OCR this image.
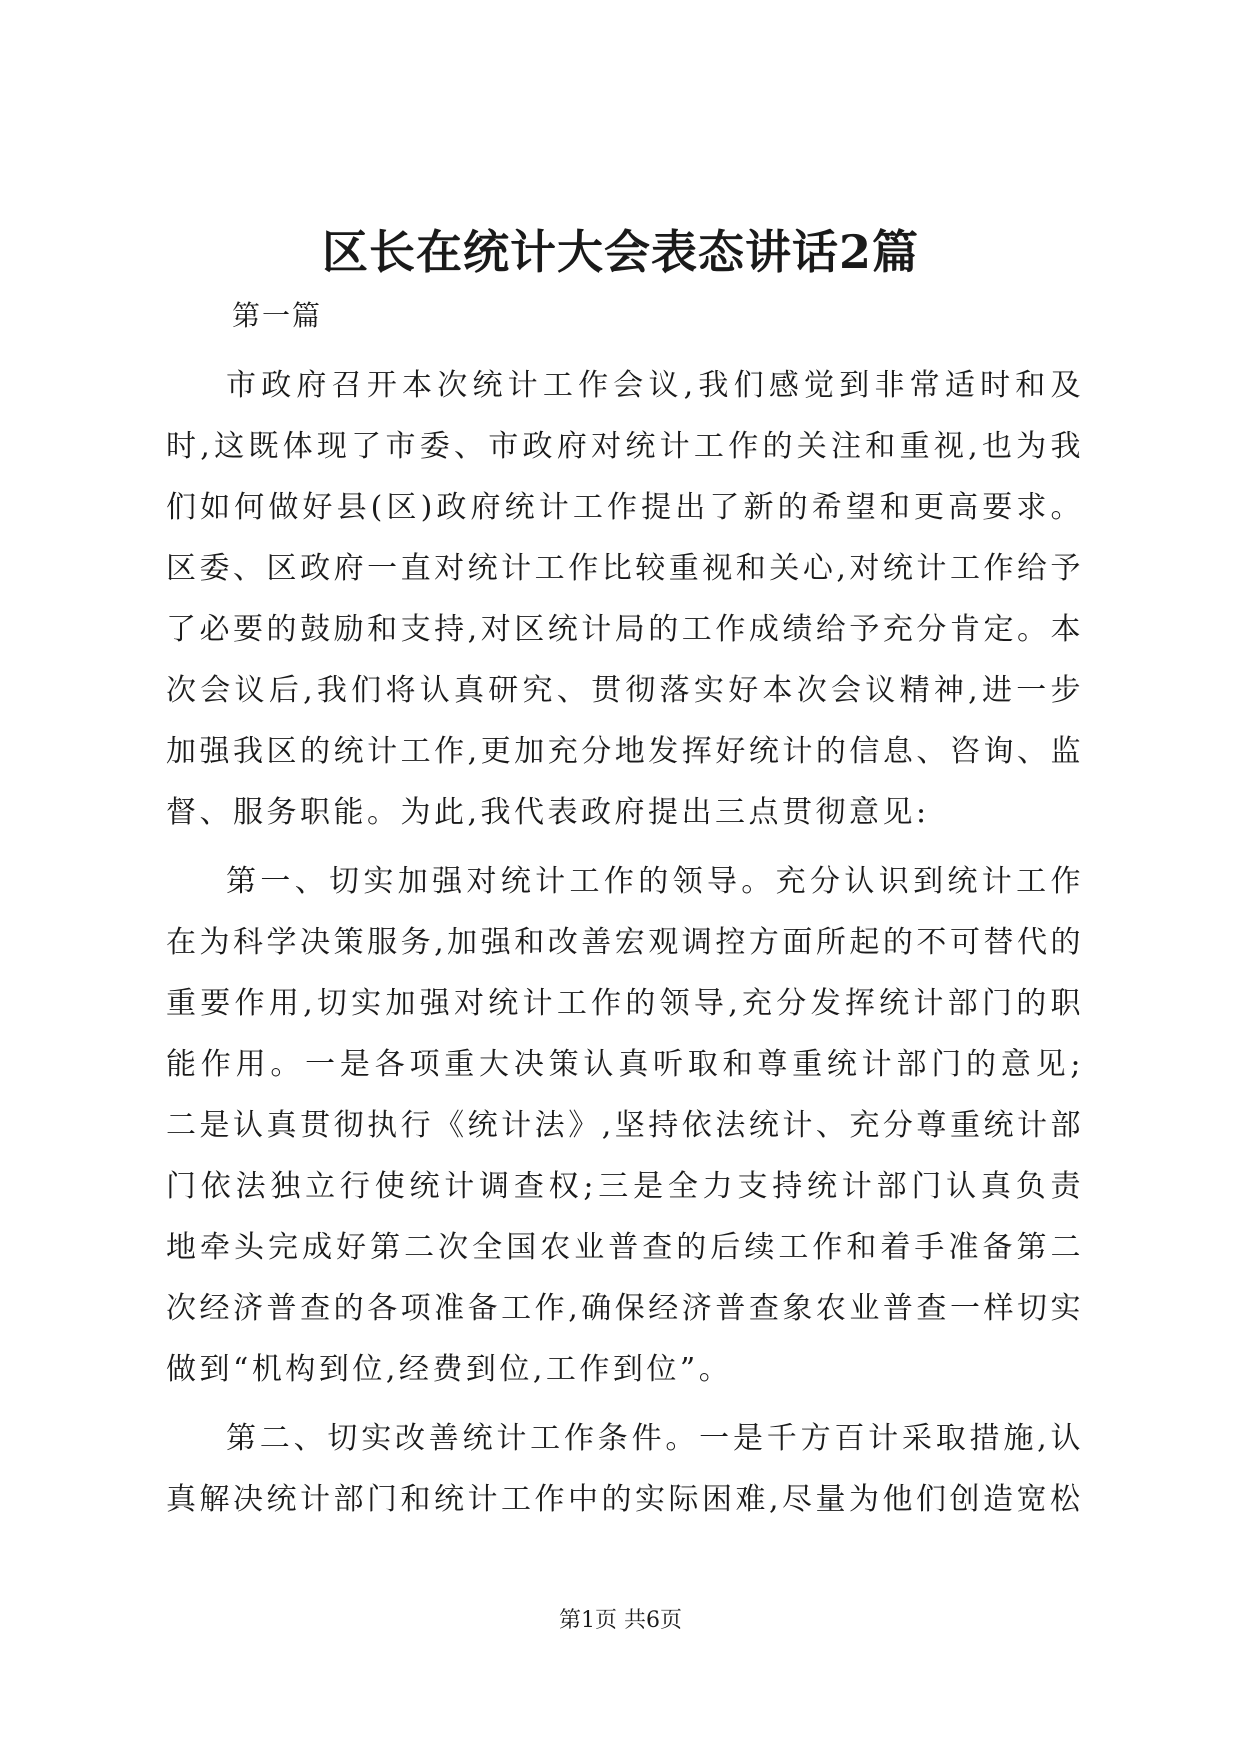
区长在统计大会表态讲话2篇
第一篇

市政府召开本次统计工作会议,我们感觉到非常适时和及时,这既体现了市委、市政府对统计工作的关注和重视,也为我们如何做好县(区)政府统计工作提出了新的希望和更高要求。区委、区政府一直对统计工作比较重视和关心,对统计工作给予了必要的鼓励和支持,对区统计局的工作成绩给予充分肯定。本次会议后,我们将认真研究、贯彻落实好本次会议精神,进一步加强我区的统计工作,更加充分地发挥好统计的信息、咨询、监督、服务职能。为此,我代表政府提出三点贯彻意见:

第一、切实加强对统计工作的领导。充分认识到统计工作在为科学决策服务,加强和改善宏观调控方面所起的不可替代的重要作用,切实加强对统计工作的领导,充分发挥统计部门的职能作用。一是各项重大决策认真听取和尊重统计部门的意见;二是认真贯彻执行《统计法》,坚持依法统计、充分尊重统计部门依法独立行使统计调查权;三是全力支持统计部门认真负责地牵头完成好第二次全国农业普查的后续工作和着手准备第二次经济普查的各项准备工作,确保经济普查象农业普查一样切实做到“机构到位,经费到位,工作到位”。

第二、切实改善统计工作条件。一是千方百计采取措施,认真解决统计部门和统计工作中的实际困难,尽量为他们创造宽松

第1页 共6页
